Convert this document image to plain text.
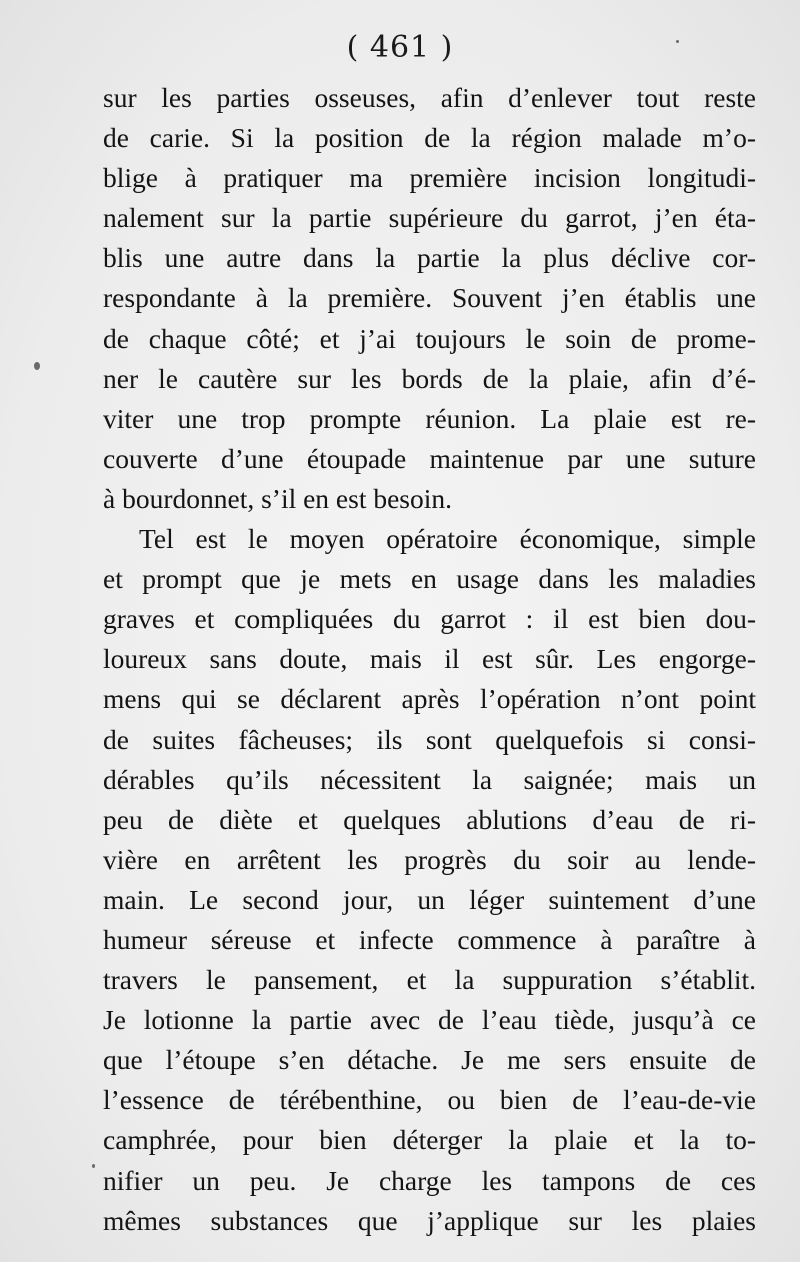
( 461 )
sur les parties osseuses, afin d’enlever tout reste
de carie. Si la position de la région malade m’o-
blige à pratiquer ma première incision longitudi-
nalement sur la partie supérieure du garrot, j’en éta-
blis une autre dans la partie la plus déclive cor-
respondante à la première. Souvent j’en établis une
de chaque côté; et j’ai toujours le soin de prome-
ner le cautère sur les bords de la plaie, afin d’é-
viter une trop prompte réunion. La plaie est re-
couverte d’une étoupade maintenue par une suture
à bourdonnet, s’il en est besoin.
Tel est le moyen opératoire économique, simple
et prompt que je mets en usage dans les maladies
graves et compliquées du garrot : il est bien dou-
loureux sans doute, mais il est sûr. Les engorge-
mens qui se déclarent après l’opération n’ont point
de suites fâcheuses; ils sont quelquefois si consi-
dérables qu’ils nécessitent la saignée; mais un
peu de diète et quelques ablutions d’eau de ri-
vière en arrêtent les progrès du soir au lende-
main. Le second jour, un léger suintement d’une
humeur séreuse et infecte commence à paraître à
travers le pansement, et la suppuration s’établit.
Je lotionne la partie avec de l’eau tiède, jusqu’à ce
que l’étoupe s’en détache. Je me sers ensuite de
l’essence de térébenthine, ou bien de l’eau-de-vie
camphrée, pour bien déterger la plaie et la to-
nifier un peu. Je charge les tampons de ces
mêmes substances que j’applique sur les plaies
